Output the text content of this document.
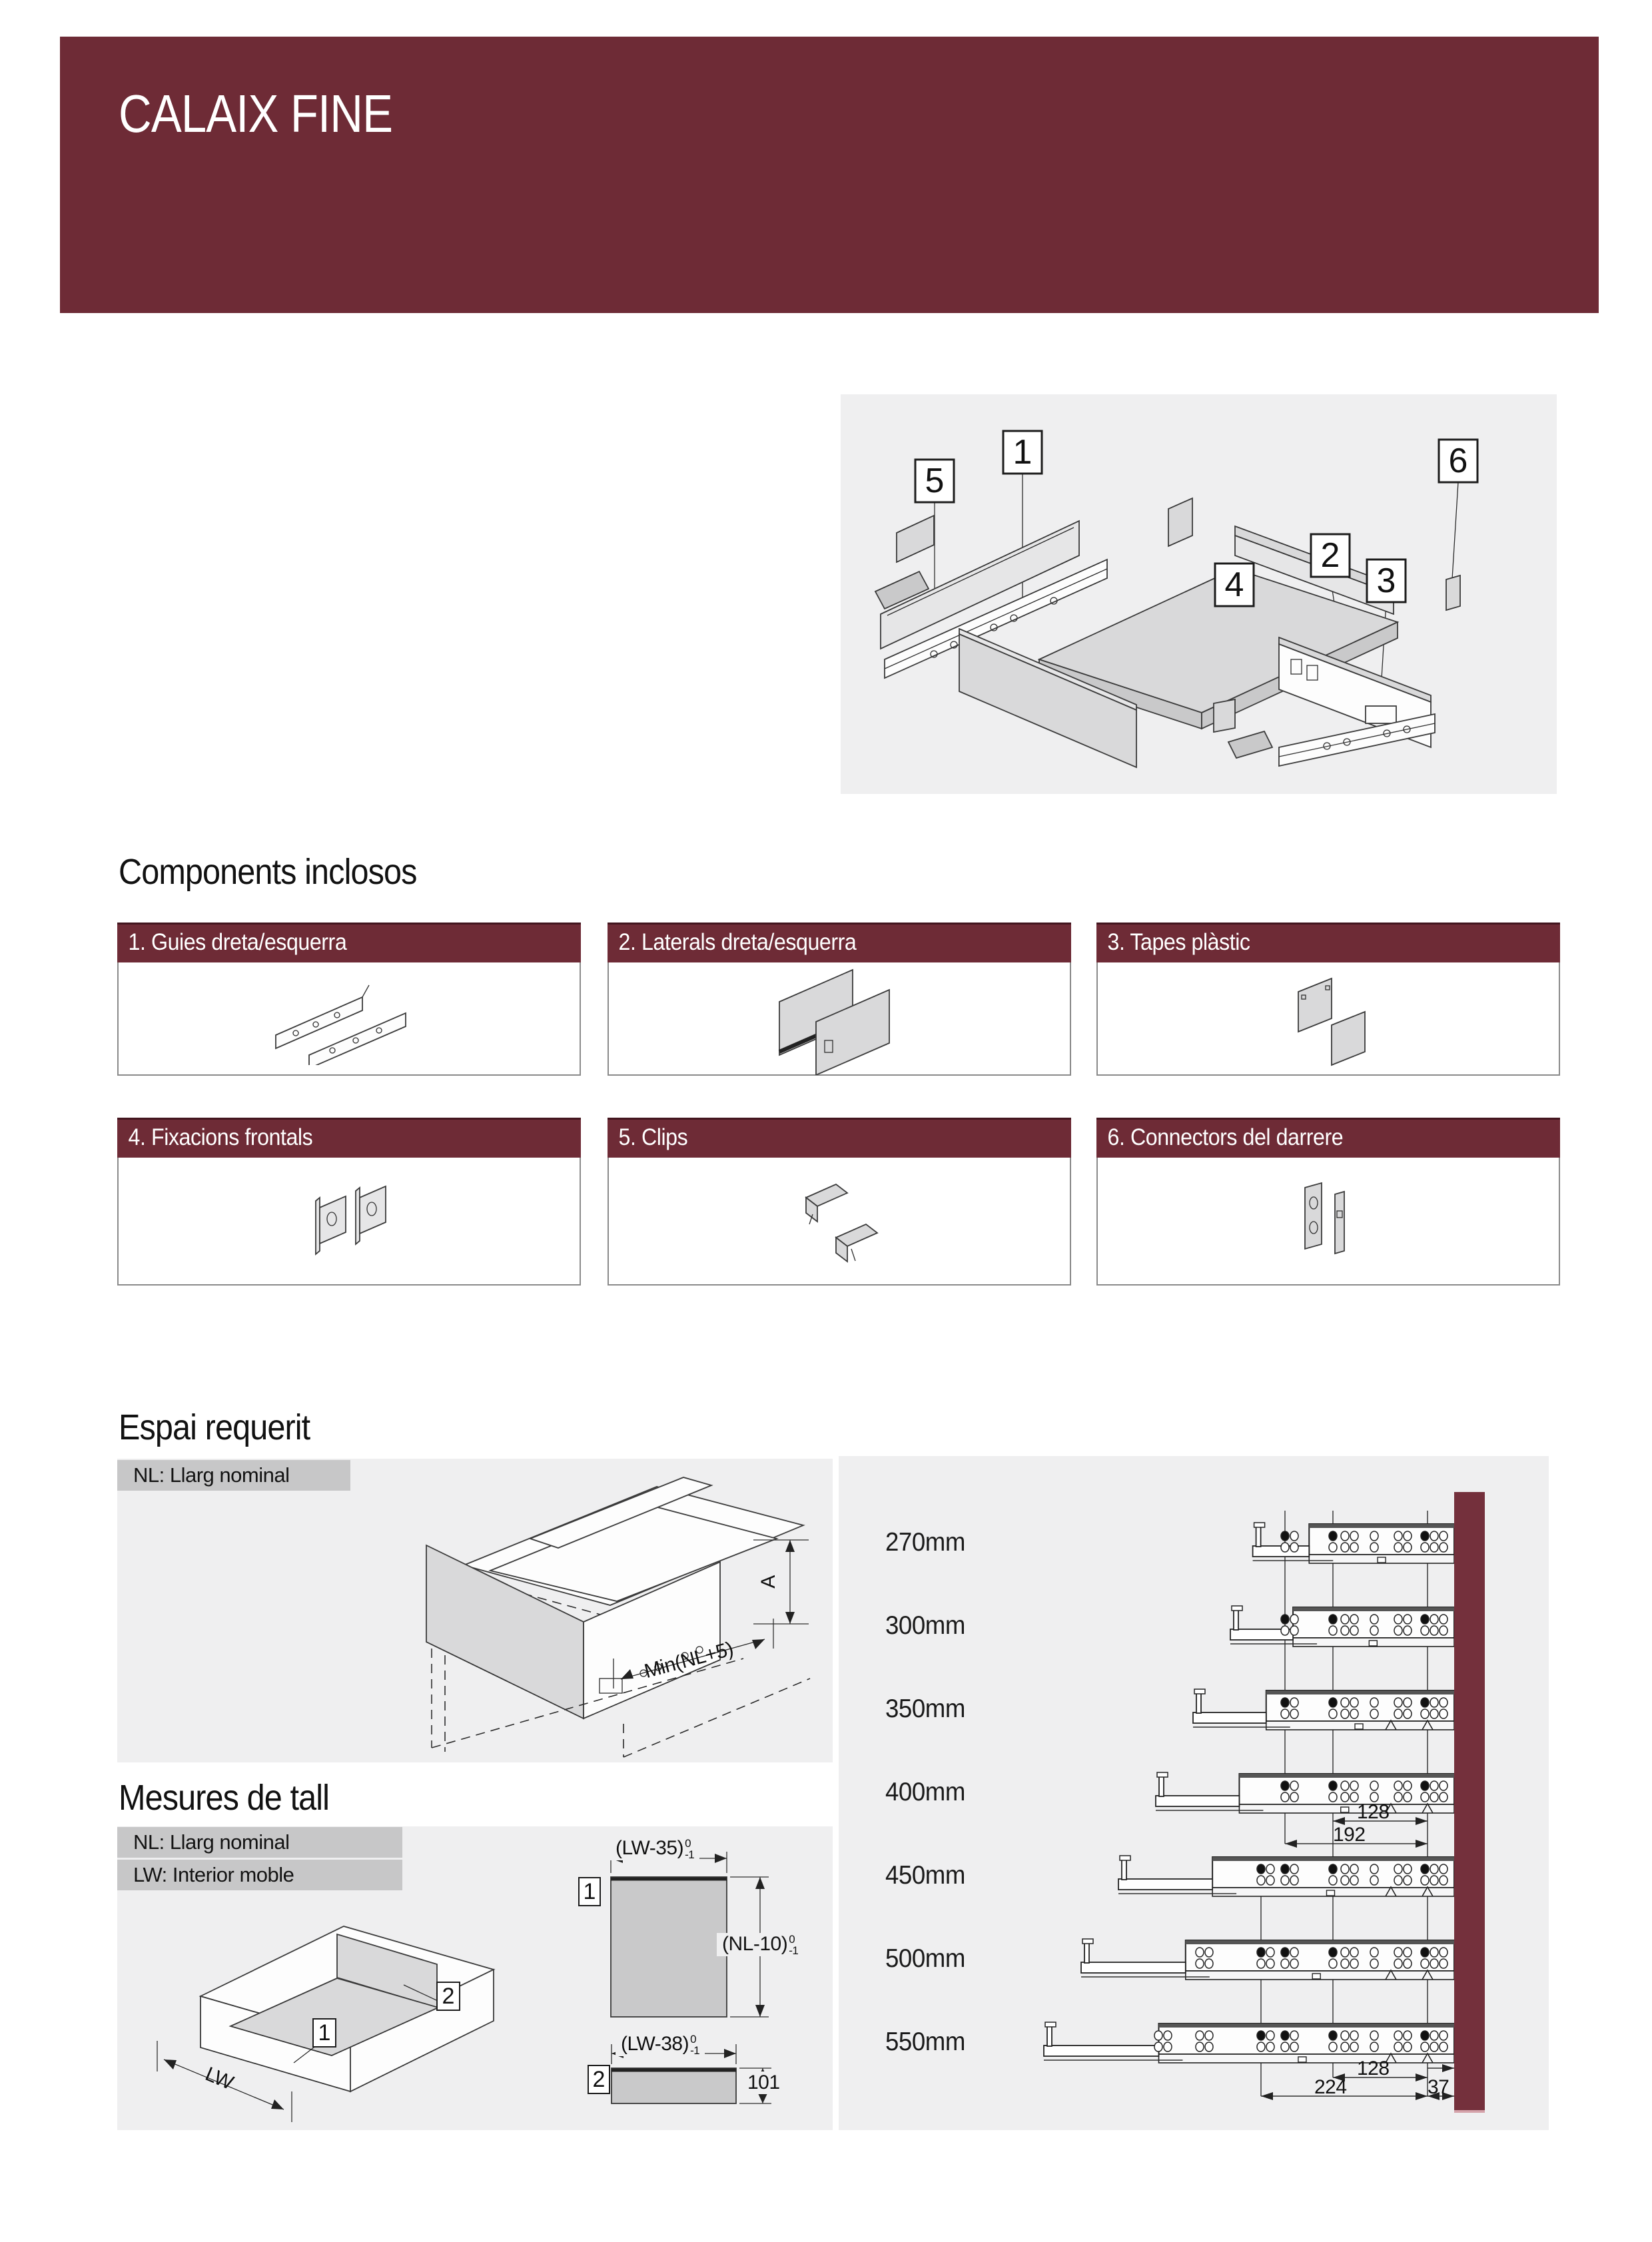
CALAIX FINE
1
5
6
2
3
4
Components inclosos
1. Guies dreta/esquerra	2. Laterals dreta/esquerra	3. Tapes plàstic
4. Fixacions frontals	5. Clips	6. Connectors del darrere
Espai requerit
NL: Llarg nominal
A
Min(NL+5)
Mesures de tall
NL: Llarg nominal
LW: Interior moble
1
2
LW
1
(LW-35) 0
-1
(NL-10) 0
-1
2
(LW-38) 0
-1
101
270mm
300mm
350mm
400mm
450mm
500mm
550mm
128
192
128
224	37
